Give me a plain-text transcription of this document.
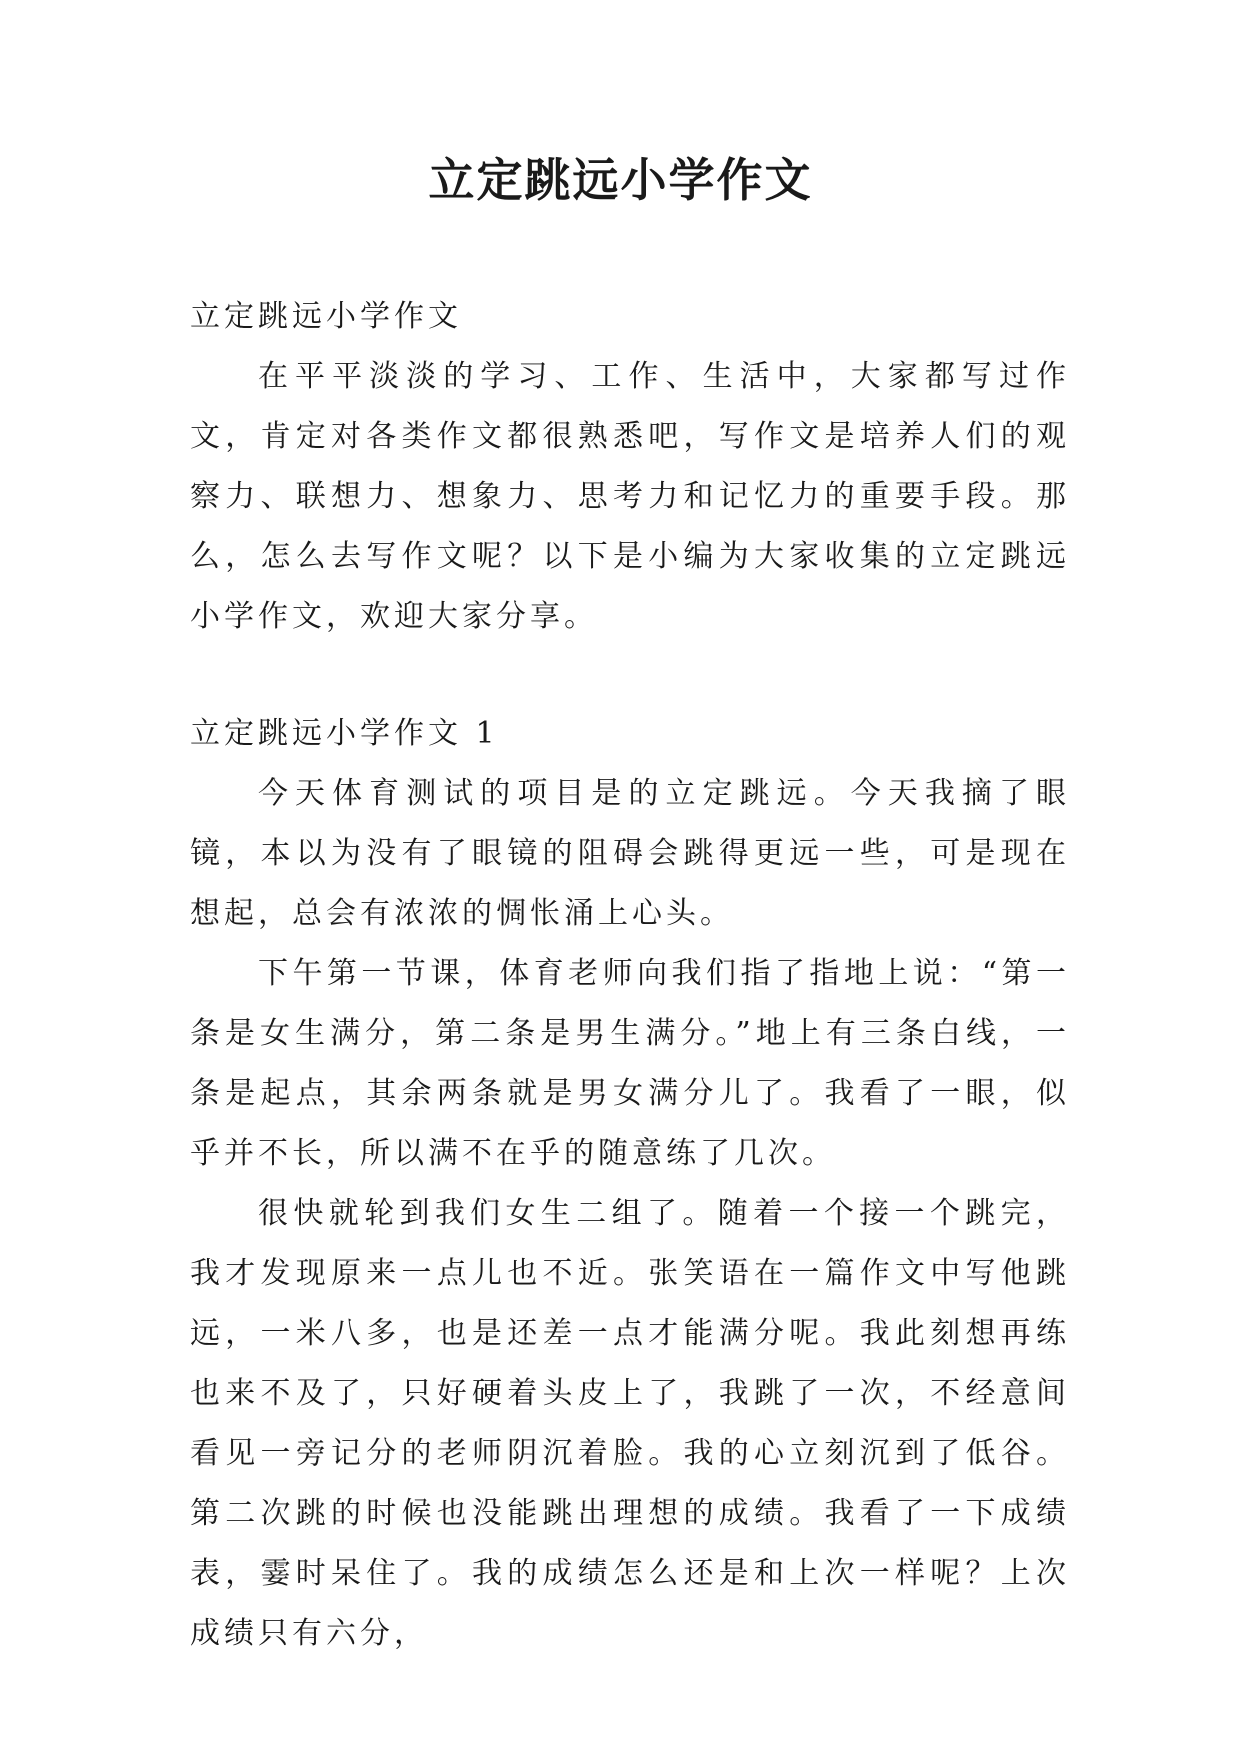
立定跳远小学作文

立定跳远小学作文

在平平淡淡的学习、工作、生活中，大家都写过作文，肯定对各类作文都很熟悉吧，写作文是培养人们的观察力、联想力、想象力、思考力和记忆力的重要手段。那么，怎么去写作文呢？以下是小编为大家收集的立定跳远小学作文，欢迎大家分享。

立定跳远小学作文 1

今天体育测试的项目是的立定跳远。今天我摘了眼镜，本以为没有了眼镜的阻碍会跳得更远一些，可是现在想起，总会有浓浓的惆怅涌上心头。

下午第一节课，体育老师向我们指了指地上说：“第一条是女生满分，第二条是男生满分。”地上有三条白线，一条是起点，其余两条就是男女满分儿了。我看了一眼，似乎并不长，所以满不在乎的随意练了几次。

很快就轮到我们女生二组了。随着一个接一个跳完，我才发现原来一点儿也不近。张笑语在一篇作文中写他跳远，一米八多，也是还差一点才能满分呢。我此刻想再练也来不及了，只好硬着头皮上了，我跳了一次，不经意间看见一旁记分的老师阴沉着脸。我的心立刻沉到了低谷。第二次跳的时候也没能跳出理想的成绩。我看了一下成绩表，霎时呆住了。我的成绩怎么还是和上次一样呢？上次成绩只有六分，
